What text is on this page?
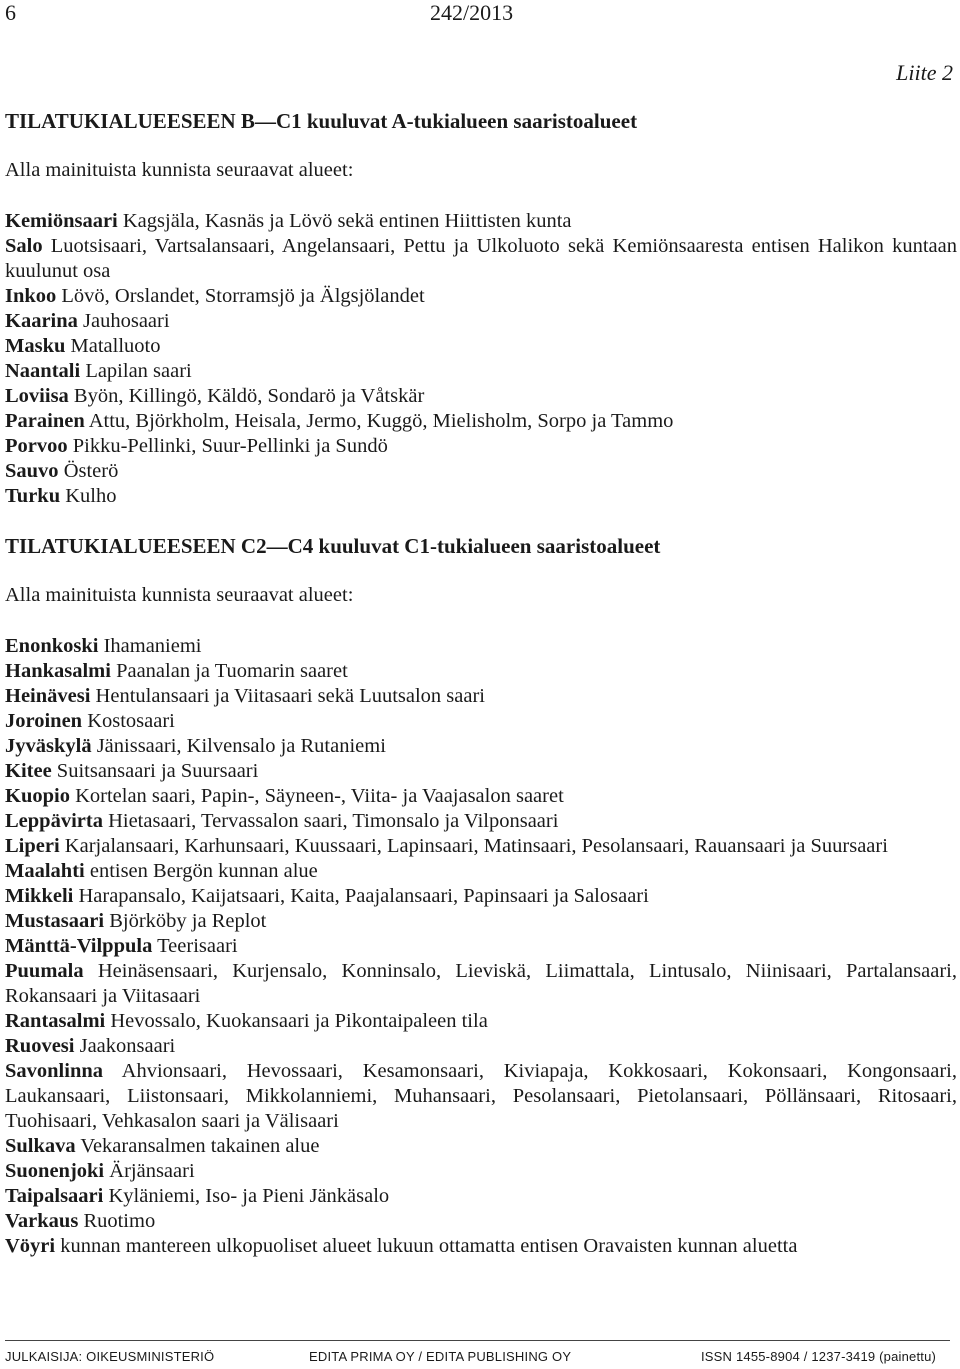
6	242/2013
Liite 2
TILATUKIALUEESEEN B—C1 kuuluvat A-tukialueen saaristoalueet

Alla mainituista kunnista seuraavat alueet:

Kemiönsaari Kagsjäla, Kasnäs ja Lövö sekä entinen Hiittisten kunta
Salo Luotsisaari, Vartsalansaari, Angelansaari, Pettu ja Ulkoluoto sekä Kemiönsaaresta entisen Halikon kuntaan kuulunut osa
Inkoo Lövö, Orslandet, Storramsjö ja Älgsjölandet
Kaarina Jauhosaari
Masku Matalluoto
Naantali Lapilan saari
Loviisa Byön, Killingö, Käldö, Sondarö ja Våtskär
Parainen Attu, Björkholm, Heisala, Jermo, Kuggö, Mielisholm, Sorpo ja Tammo
Porvoo Pikku-Pellinki, Suur-Pellinki ja Sundö
Sauvo Österö
Turku Kulho
TILATUKIALUEESEEN C2—C4 kuuluvat C1-tukialueen saaristoalueet

Alla mainituista kunnista seuraavat alueet:

Enonkoski Ihamaniemi
Hankasalmi Paanalan ja Tuomarin saaret
Heinävesi Hentulansaari ja Viitasaari sekä Luutsalon saari
Joroinen Kostosaari
Jyväskylä Jänissaari, Kilvensalo ja Rutaniemi
Kitee Suitsansaari ja Suursaari
Kuopio Kortelan saari, Papin-, Säyneen-, Viita- ja Vaajasalon saaret
Leppävirta Hietasaari, Tervassalon saari, Timonsalo ja Vilponsaari
Liperi Karjalansaari, Karhunsaari, Kuussaari, Lapinsaari, Matinsaari, Pesolansaari, Rauansaari ja Suursaari
Maalahti entisen Bergön kunnan alue
Mikkeli Harapansalo, Kaijatsaari, Kaita, Paajalansaari, Papinsaari ja Salosaari
Mustasaari Björköby ja Replot
Mänttä-Vilppula Teerisaari
Puumala Heinäsensaari, Kurjensalo, Konninsalo, Lieviskä, Liimattala, Lintusalo, Niinisaari, Partalansaari, Rokansaari ja Viitasaari
Rantasalmi Hevossalo, Kuokansaari ja Pikontaipaleen tila
Ruovesi Jaakonsaari
Savonlinna Ahvionsaari, Hevossaari, Kesamonsaari, Kiviapaja, Kokkosaari, Kokonsaari, Kongonsaari, Laukansaari, Liistonsaari, Mikkolanniemi, Muhansaari, Pesolansaari, Pietolansaari, Pöllänsaari, Ritosaari, Tuohisaari, Vehkasalon saari ja Välisaari
Sulkava Vekaransalmen takainen alue
Suonenjoki Ärjänsaari
Taipalsaari Kyläniemi, Iso- ja Pieni Jänkäsalo
Varkaus Ruotimo
Vöyri kunnan mantereen ulkopuoliset alueet lukuun ottamatta entisen Oravaisten kunnan aluetta
JULKAISIJA: OIKEUSMINISTERIÖ	EDITA PRIMA OY / EDITA PUBLISHING OY	ISSN 1455-8904 / 1237-3419 (painettu)
